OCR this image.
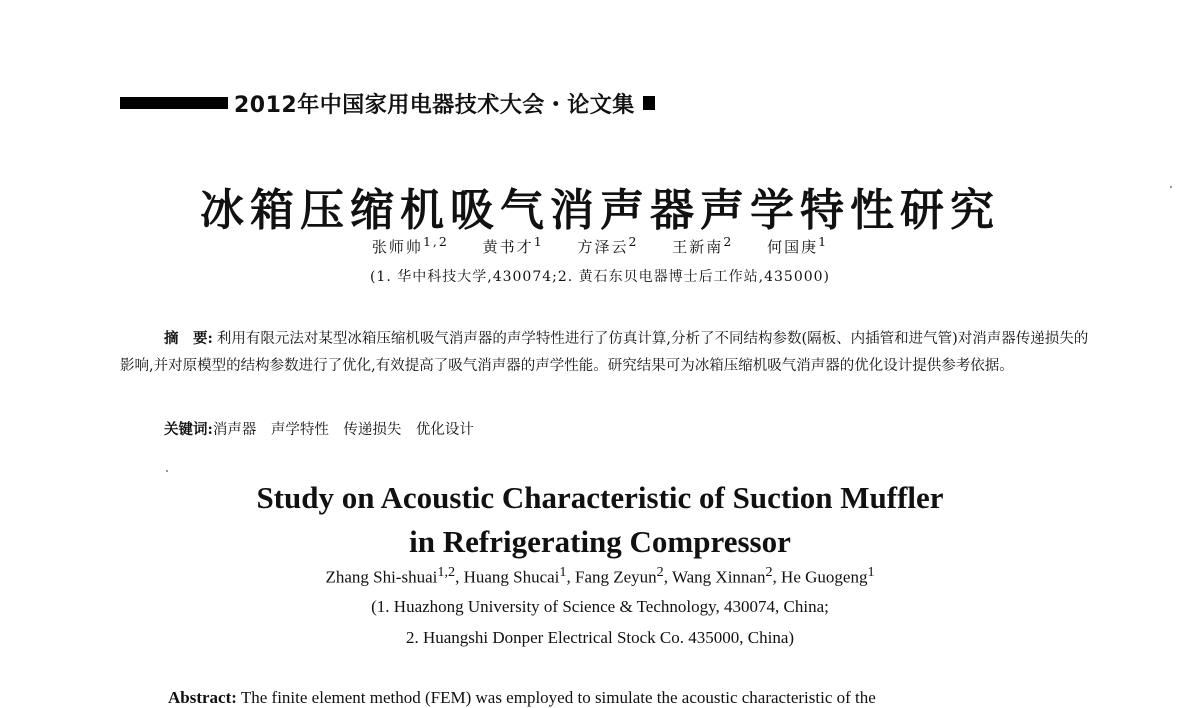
2012年中国家用电器技术大会・论文集
冰箱压缩机吸气消声器声学特性研究
张师帅$^{1,2}$ 黄书才$^1$ 方泽云$^2$ 王新南$^2$ 何国庚$^1$
(1. 华中科技大学,430074;2. 黄石东贝电器博士后工作站,435000)
摘　要: 利用有限元法对某型冰箱压缩机吸气消声器的声学特性进行了仿真计算,分析了不同结构参数(隔板、内插管和进气管)对消声器传递损失的影响,并对原模型的结构参数进行了优化,有效提高了吸气消声器的声学性能。研究结果可为冰箱压缩机吸气消声器的优化设计提供参考依据。
关键词:消声器　声学特性　传递损失　优化设计
Study on Acoustic Characteristic of Suction Muffler
in Refrigerating Compressor
Zhang Shi-shuai$^{1,2}$, Huang Shucai$^1$, Fang Zeyun$^2$, Wang Xinnan$^2$, He Guogeng$^1$
(1. Huazhong University of Science & Technology, 430074, China;
2. Huangshi Donper Electrical Stock Co. 435000, China)
Abstract: The finite element method (FEM) was employed to simulate the acoustic characteristic of the
